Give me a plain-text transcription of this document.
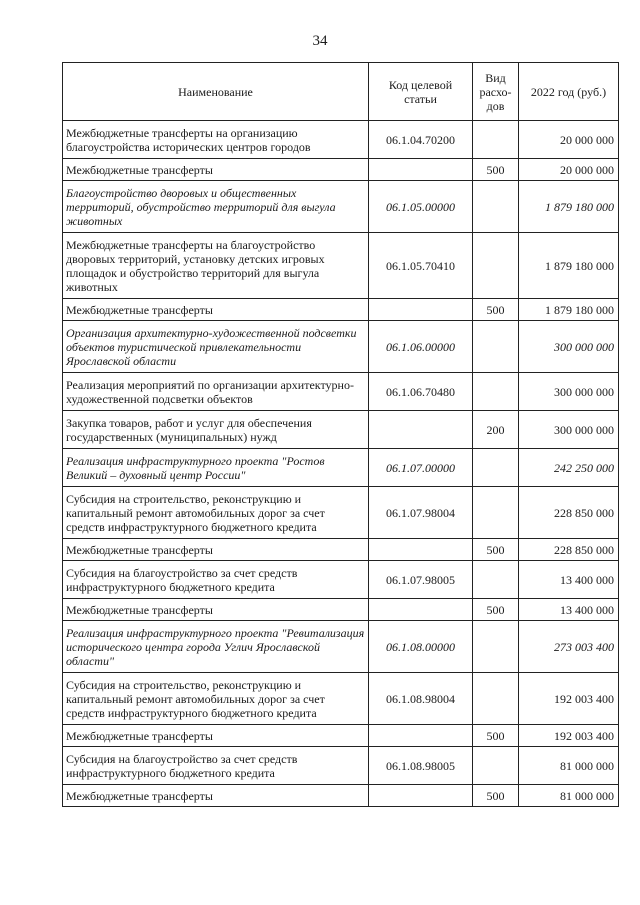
34
Наименование	Код целевой статьи	Вид расхо- дов	2022 год (руб.)
Межбюджетные трансферты на организацию благоустройства исторических центров городов	06.1.04.70200		20 000 000
Межбюджетные трансферты		500	20 000 000
Благоустройство дворовых и общественных территорий, обустройство территорий для выгула животных	06.1.05.00000		1 879 180 000
Межбюджетные трансферты на благоустройство дворовых территорий, установку детских игровых площадок и обустройство территорий для выгула животных	06.1.05.70410		1 879 180 000
Межбюджетные трансферты		500	1 879 180 000
Организация архитектурно-художественной подсветки объектов туристической привлекательности Ярославской области	06.1.06.00000		300 000 000
Реализация мероприятий по организации архитектурно-художественной подсветки объектов	06.1.06.70480		300 000 000
Закупка товаров, работ и услуг для обеспечения государственных (муниципальных) нужд		200	300 000 000
Реализация инфраструктурного проекта "Ростов Великий – духовный центр России"	06.1.07.00000		242 250 000
Субсидия на строительство, реконструкцию и капитальный ремонт автомобильных дорог за счет средств инфраструктурного бюджетного кредита	06.1.07.98004		228 850 000
Межбюджетные трансферты		500	228 850 000
Субсидия на благоустройство за счет средств инфраструктурного бюджетного кредита	06.1.07.98005		13 400 000
Межбюджетные трансферты		500	13 400 000
Реализация инфраструктурного проекта "Ревитализация исторического центра города Углич Ярославской области"	06.1.08.00000		273 003 400
Субсидия на строительство, реконструкцию и капитальный ремонт автомобильных дорог за счет средств инфраструктурного бюджетного кредита	06.1.08.98004		192 003 400
Межбюджетные трансферты		500	192 003 400
Субсидия на благоустройство за счет средств инфраструктурного бюджетного кредита	06.1.08.98005		81 000 000
Межбюджетные трансферты		500	81 000 000
